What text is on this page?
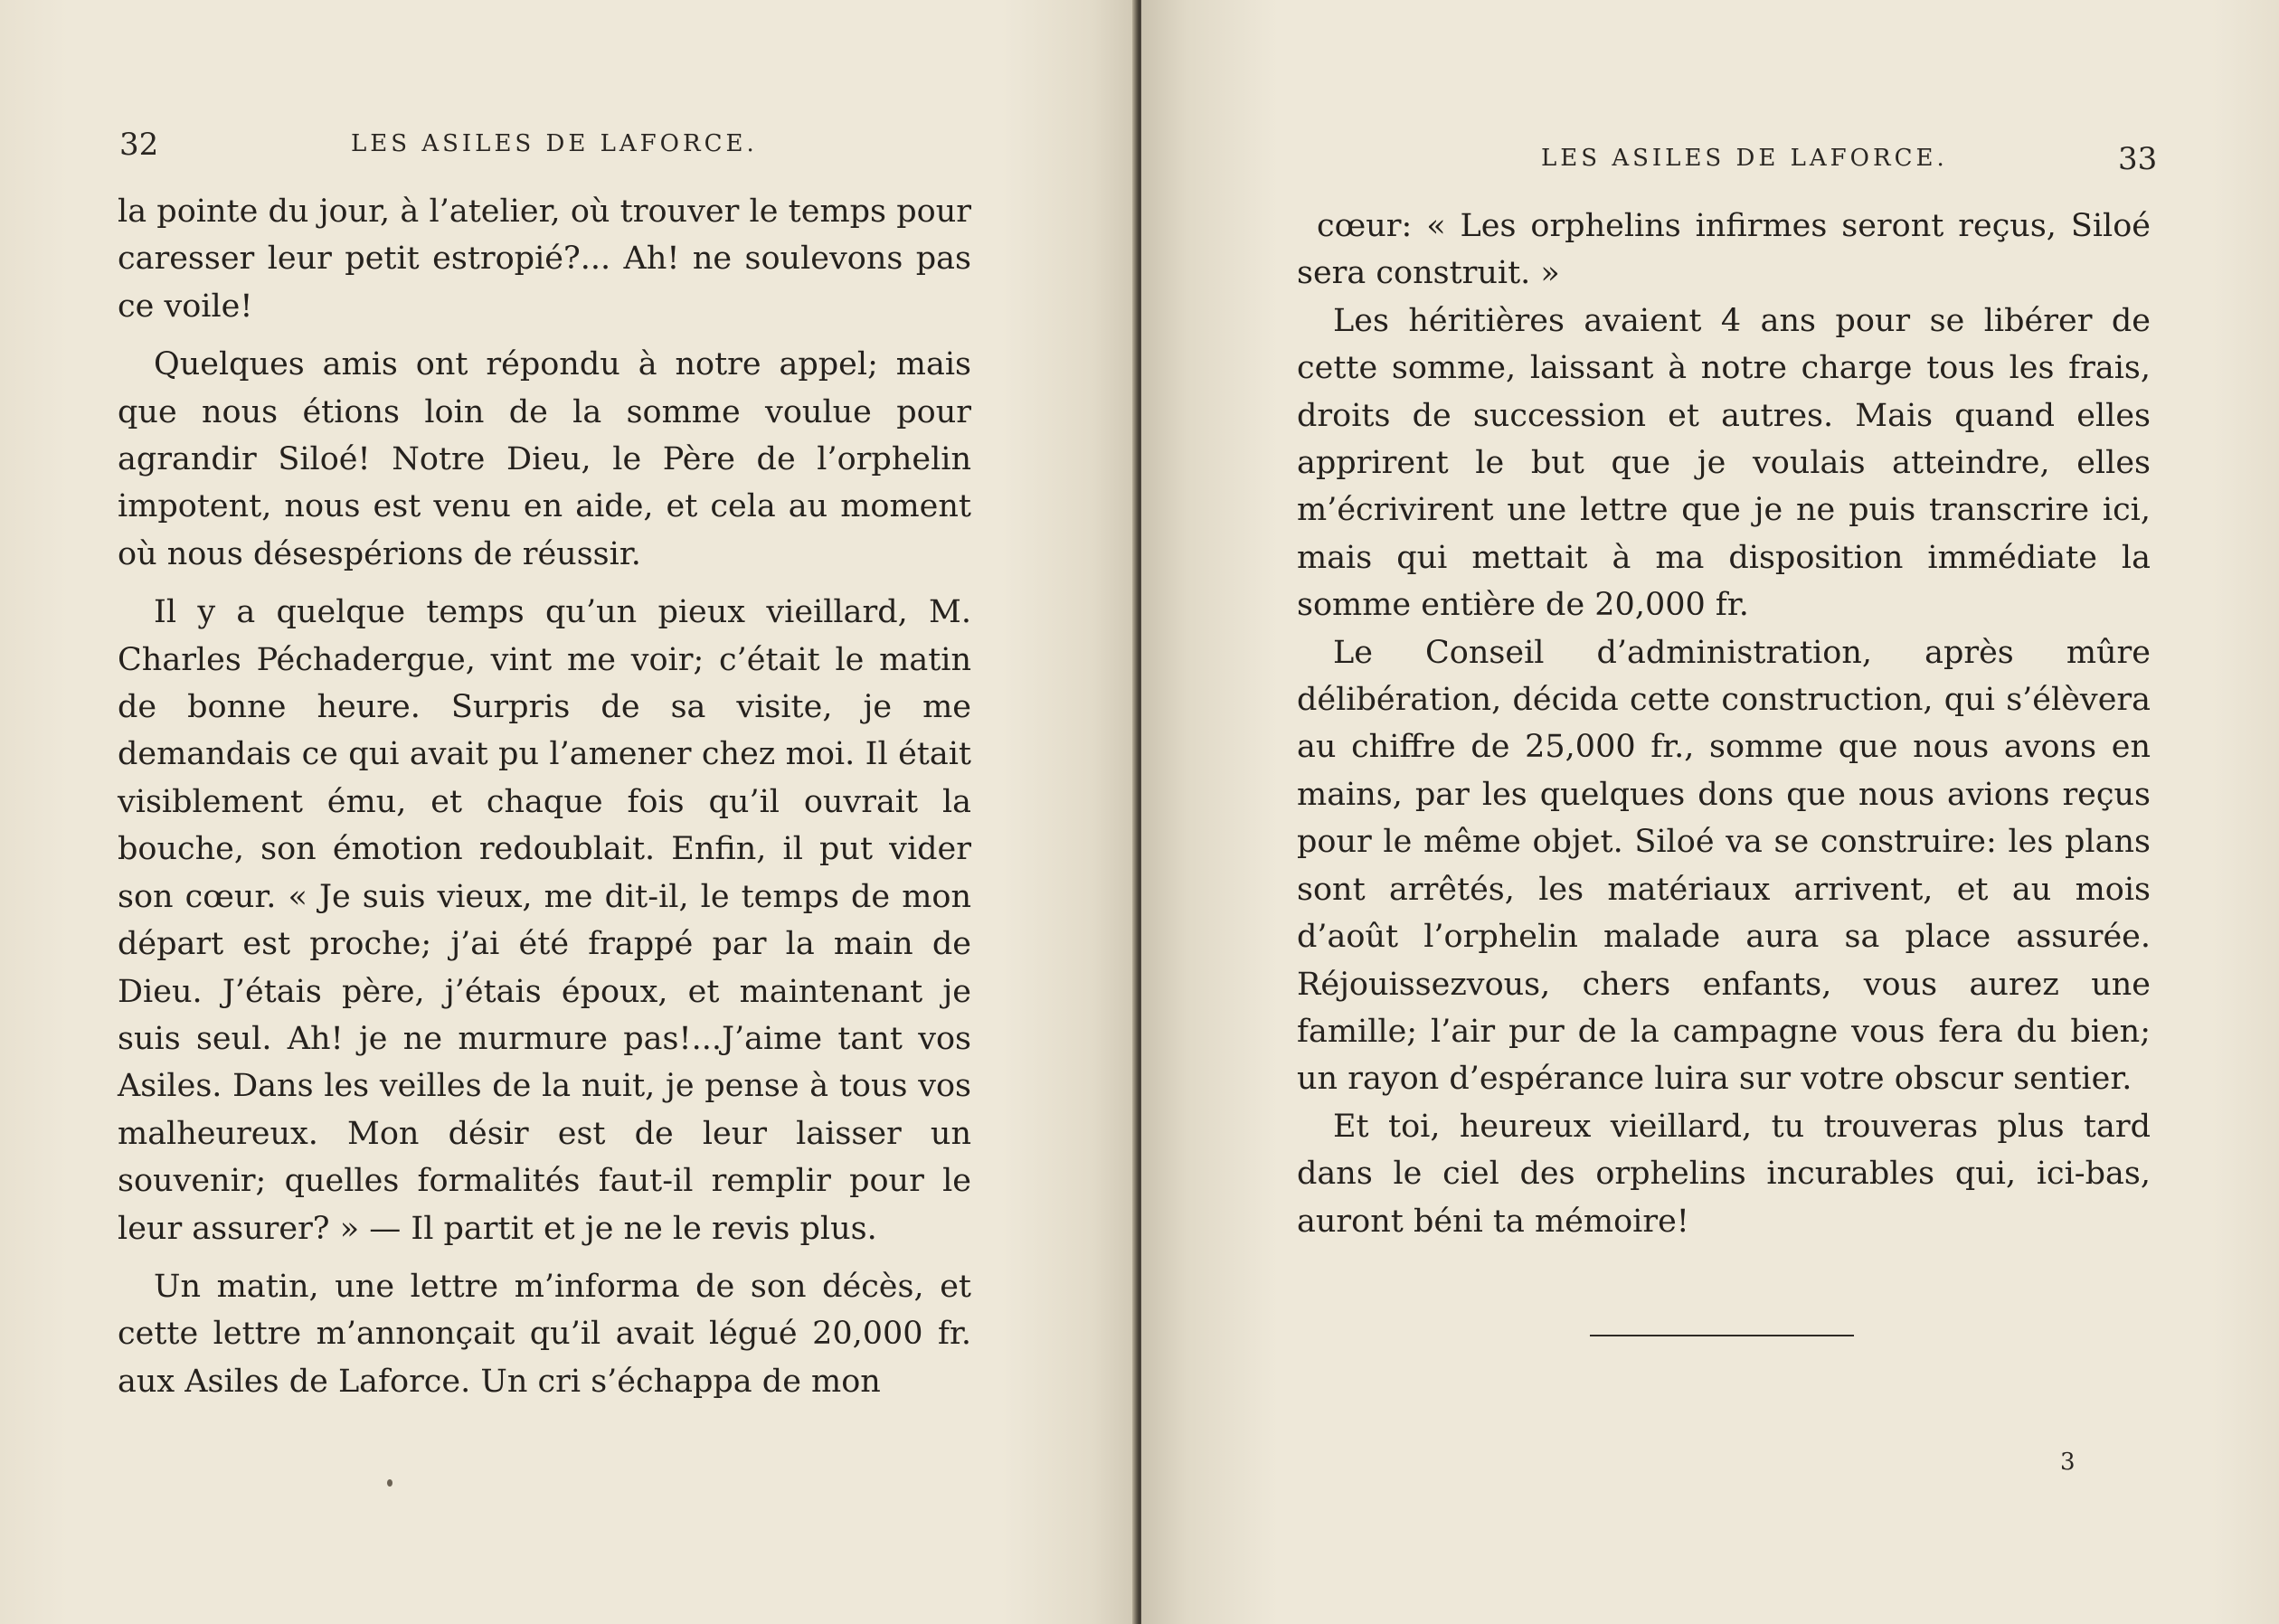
32	LES ASILES DE LAFORCE.

la pointe du jour, à l’atelier, où trouver le temps pour caresser leur petit estropié?... Ah! ne soulevons pas ce voile!

Quelques amis ont répondu à notre appel; mais que nous étions loin de la somme voulue pour agrandir Siloé! Notre Dieu, le Père de l’orphelin impotent, nous est venu en aide, et cela au moment où nous désespérions de réussir.

Il y a quelque temps qu’un pieux vieillard, M. Charles Péchadergue, vint me voir; c’était le matin de bonne heure. Surpris de sa visite, je me demandais ce qui avait pu l’amener chez moi. Il était visiblement ému, et chaque fois qu’il ouvrait la bouche, son émotion redoublait. Enfin, il put vider son cœur. « Je suis vieux, me dit-il, le temps de mon départ est proche; j’ai été frappé par la main de Dieu. J’étais père, j’étais époux, et maintenant je suis seul. Ah! je ne murmure pas!...J’aime tant vos Asiles. Dans les veilles de la nuit, je pense à tous vos malheureux. Mon désir est de leur laisser un souvenir; quelles formalités faut-il remplir pour le leur assurer? » — Il partit et je ne le revis plus.

Un matin, une lettre m’informa de son décès, et cette lettre m’annonçait qu’il avait légué 20,000 fr. aux Asiles de Laforce. Un cri s’échappa de mon

LES ASILES DE LAFORCE.	33

cœur: « Les orphelins infirmes seront reçus, Siloé sera construit. »

Les héritières avaient 4 ans pour se libérer de cette somme, laissant à notre charge tous les frais, droits de succession et autres. Mais quand elles apprirent le but que je voulais atteindre, elles m’écrivirent une lettre que je ne puis transcrire ici, mais qui mettait à ma disposition immédiate la somme entière de 20,000 fr.

Le Conseil d’administration, après mûre délibération, décida cette construction, qui s’élèvera au chiffre de 25,000 fr., somme que nous avons en mains, par les quelques dons que nous avions reçus pour le même objet. Siloé va se construire: les plans sont arrêtés, les matériaux arrivent, et au mois d’août l’orphelin malade aura sa place assurée. Réjouissezvous, chers enfants, vous aurez une famille; l’air pur de la campagne vous fera du bien; un rayon d’espérance luira sur votre obscur sentier.

Et toi, heureux vieillard, tu trouveras plus tard dans le ciel des orphelins incurables qui, ici-bas, auront béni ta mémoire!

3
